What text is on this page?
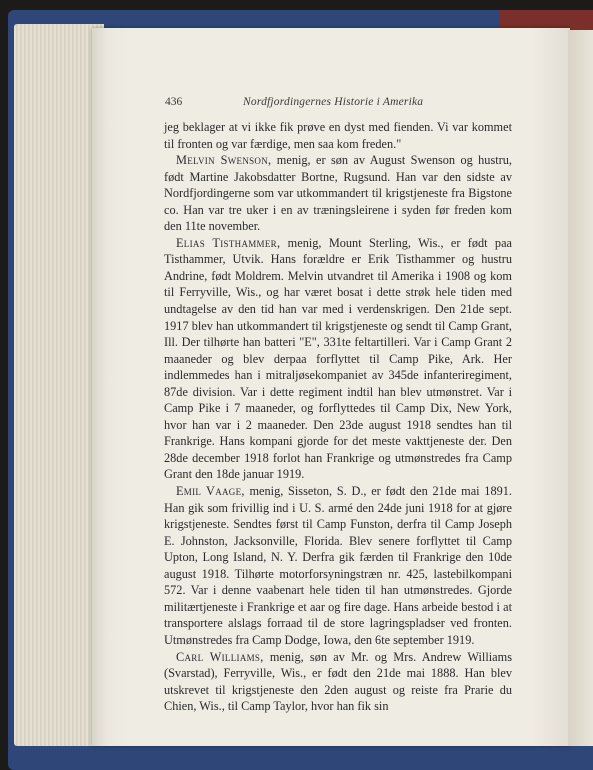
436	Nordfjordingernes Historie i Amerika

jeg beklager at vi ikke fik prøve en dyst med fienden. Vi var kommet til fronten og var færdige, men saa kom freden."

Melvin Swenson, menig, er søn av August Swenson og hustru, født Martine Jakobsdatter Bortne, Rugsund. Han var den sidste av Nordfjordingerne som var utkommandert til krigstjeneste fra Bigstone co. Han var tre uker i en av træningsleirene i syden før freden kom den 11te november.

Elias Tisthammer, menig, Mount Sterling, Wis., er født paa Tisthammer, Utvik. Hans forældre er Erik Tisthammer og hustru Andrine, født Moldrem. Melvin utvandret til Amerika i 1908 og kom til Ferryville, Wis., og har været bosat i dette strøk hele tiden med undtagelse av den tid han var med i verdenskrigen. Den 21de sept. 1917 blev han utkommandert til krigstjeneste og sendt til Camp Grant, Ill. Der tilhørte han batteri "E", 331te feltartilleri. Var i Camp Grant 2 maaneder og blev derpaa forflyttet til Camp Pike, Ark. Her indlemmedes han i mitraljøsekompaniet av 345de infanteriregiment, 87de division. Var i dette regiment indtil han blev utmønstret. Var i Camp Pike i 7 maaneder, og forflyttedes til Camp Dix, New York, hvor han var i 2 maaneder. Den 23de august 1918 sendtes han til Frankrige. Hans kompani gjorde for det meste vakttjeneste der. Den 28de december 1918 forlot han Frankrige og utmønstredes fra Camp Grant den 18de januar 1919.

Emil Vaage, menig, Sisseton, S. D., er født den 21de mai 1891. Han gik som frivillig ind i U. S. armé den 24de juni 1918 for at gjøre krigstjeneste. Sendtes først til Camp Funston, derfra til Camp Joseph E. Johnston, Jacksonville, Florida. Blev senere forflyttet til Camp Upton, Long Island, N. Y. Derfra gik færden til Frankrige den 10de august 1918. Tilhørte motorforsyningstræn nr. 425, lastebilkompani 572. Var i denne vaabenart hele tiden til han utmønstredes. Gjorde militærtjeneste i Frankrige et aar og fire dage. Hans arbeide bestod i at transportere alslags forraad til de store lagringspladser ved fronten. Utmønstredes fra Camp Dodge, Iowa, den 6te september 1919.

Carl Williams, menig, søn av Mr. og Mrs. Andrew Williams (Svarstad), Ferryville, Wis., er født den 21de mai 1888. Han blev utskrevet til krigstjeneste den 2den august og reiste fra Prarie du Chien, Wis., til Camp Taylor, hvor han fik sin
